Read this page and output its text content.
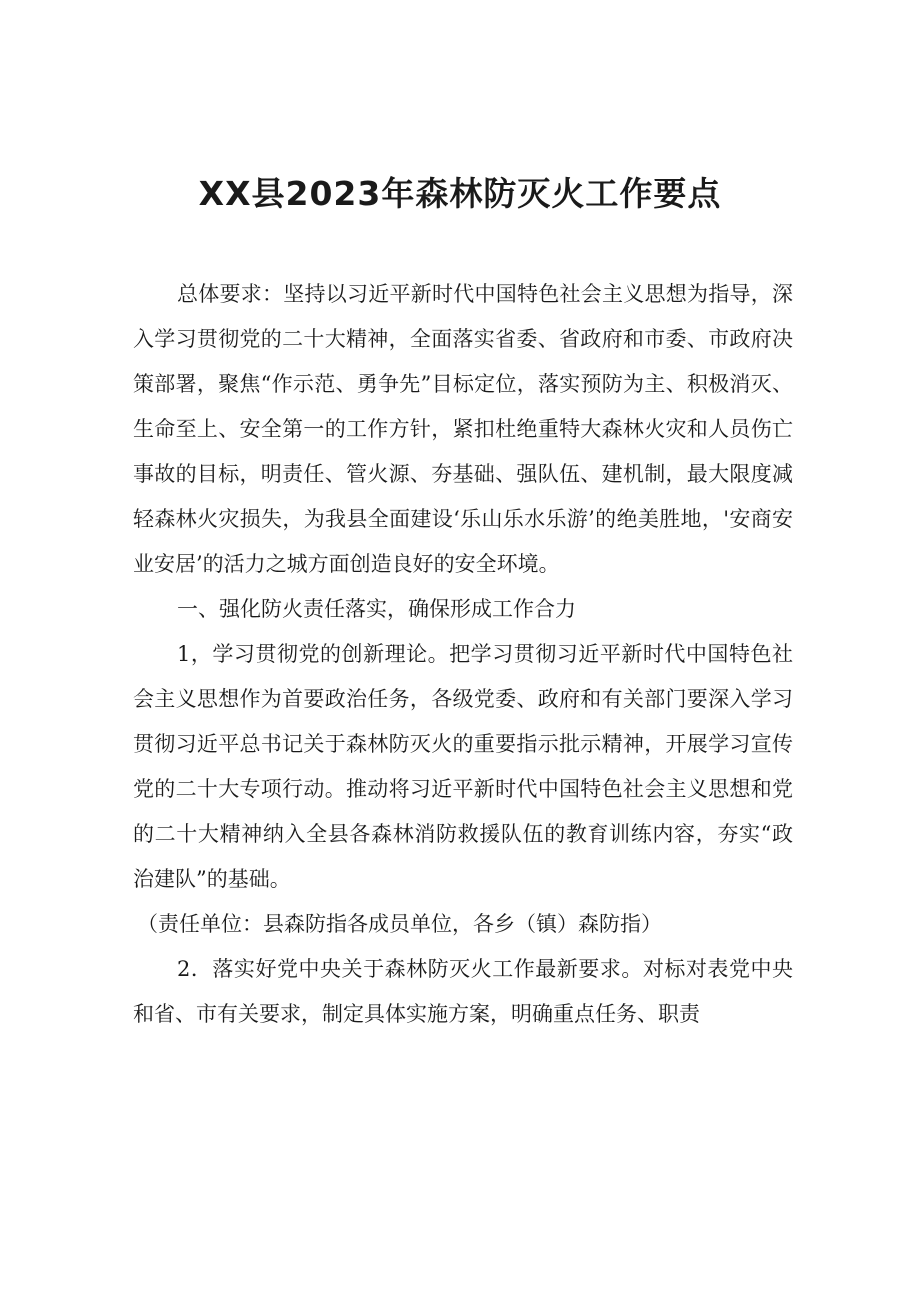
XX县2023年森林防灭火工作要点

总体要求：坚持以习近平新时代中国特色社会主义思想为指导，深入学习贯彻党的二十大精神，全面落实省委、省政府和市委、市政府决策部署，聚焦“作示范、勇争先”目标定位，落实预防为主、积极消灭、生命至上、安全第一的工作方针，紧扣杜绝重特大森林火灾和人员伤亡事故的目标，明责任、管火源、夯基础、强队伍、建机制，最大限度减轻森林火灾损失，为我县全面建设‘乐山乐水乐游’的绝美胜地，'安商安业安居’的活力之城方面创造良好的安全环境。

一、强化防火责任落实，确保形成工作合力

1，学习贯彻党的创新理论。把学习贯彻习近平新时代中国特色社会主义思想作为首要政治任务，各级党委、政府和有关部门要深入学习贯彻习近平总书记关于森林防灭火的重要指示批示精神，开展学习宣传党的二十大专项行动。推动将习近平新时代中国特色社会主义思想和党的二十大精神纳入全县各森林消防救援队伍的教育训练内容，夯实“政治建队”的基础。

（责任单位：县森防指各成员单位，各乡（镇）森防指）

2．落实好党中央关于森林防灭火工作最新要求。对标对表党中央和省、市有关要求，制定具体实施方案，明确重点任务、职责
